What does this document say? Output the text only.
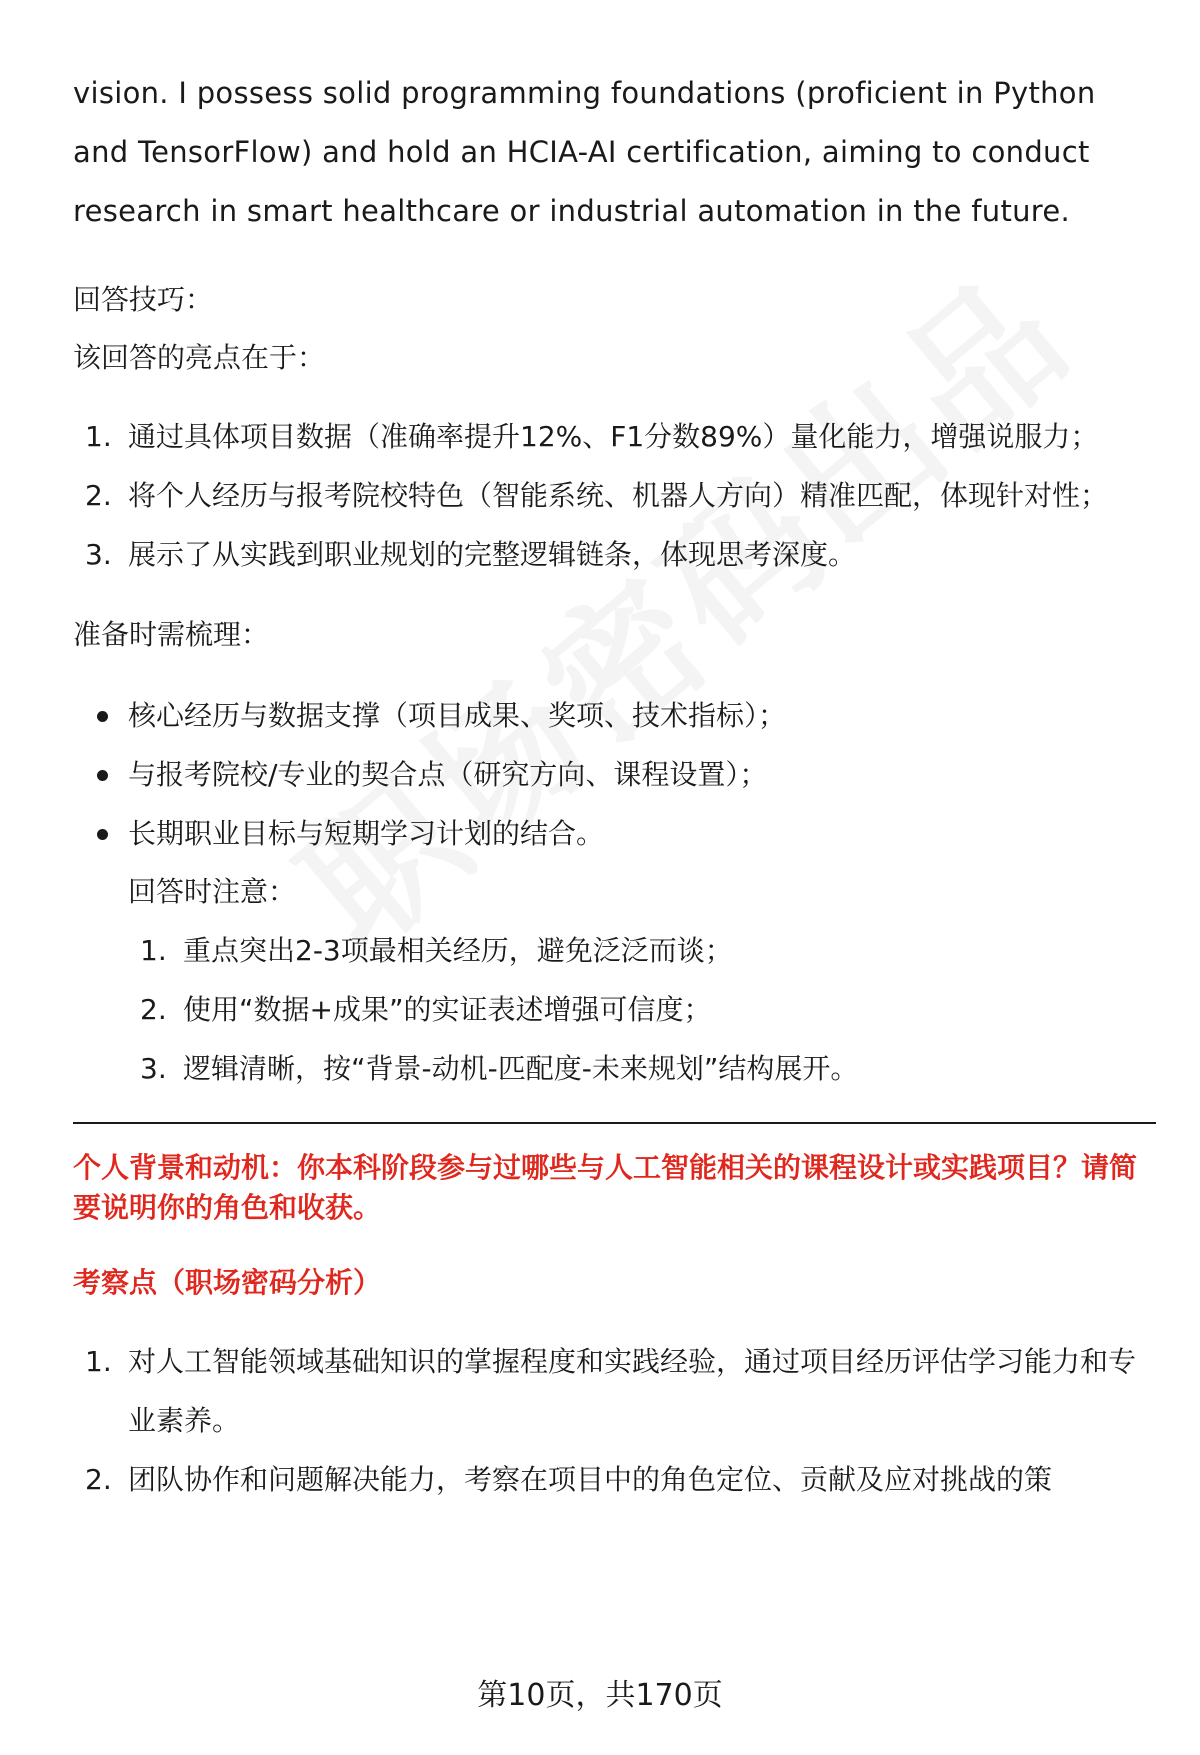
vision. I possess solid programming foundations (proficient in Python and TensorFlow) and hold an HCIA-AI certification, aiming to conduct research in smart healthcare or industrial automation in the future.

回答技巧：

该回答的亮点在于：

1. 通过具体项目数据（准确率提升12%、F1分数89%）量化能力，增强说服力；
2. 将个人经历与报考院校特色（智能系统、机器人方向）精准匹配，体现针对性；
3. 展示了从实践到职业规划的完整逻辑链条，体现思考深度。

准备时需梳理：

核心经历与数据支撑（项目成果、奖项、技术指标）；
与报考院校/专业的契合点（研究方向、课程设置）；
长期职业目标与短期学习计划的结合。

回答时注意：

1. 重点突出2-3项最相关经历，避免泛泛而谈；
2. 使用“数据+成果”的实证表述增强可信度；
3. 逻辑清晰，按“背景-动机-匹配度-未来规划”结构展开。

个人背景和动机：你本科阶段参与过哪些与人工智能相关的课程设计或实践项目？请简要说明你的角色和收获。

考察点（职场密码分析）

1. 对人工智能领域基础知识的掌握程度和实践经验，通过项目经历评估学习能力和专业素养。
2. 团队协作和问题解决能力，考察在项目中的角色定位、贡献及应对挑战的策
第10页，共170页
